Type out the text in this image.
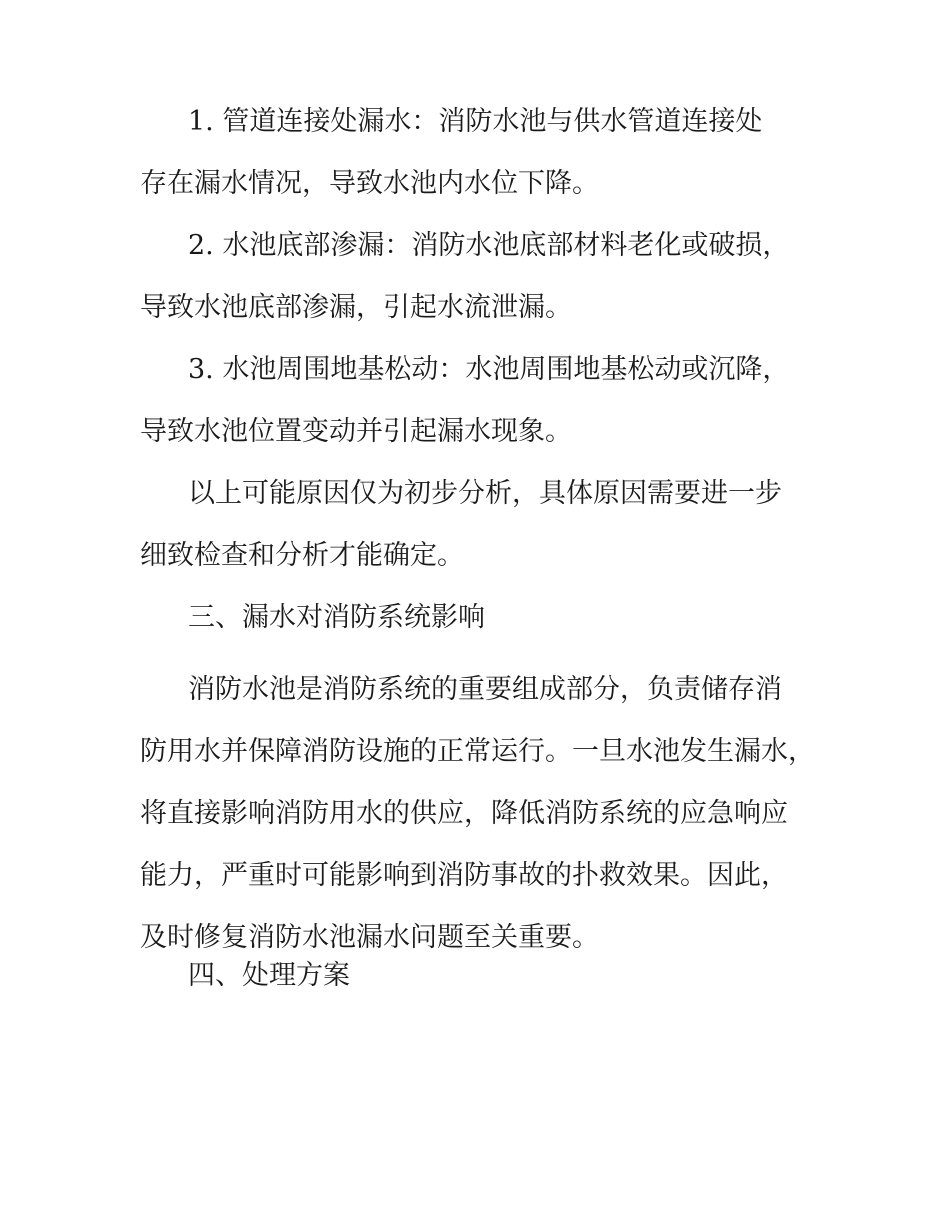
1. 管道连接处漏水：消防水池与供水管道连接处
存在漏水情况，导致水池内水位下降。

2. 水池底部渗漏：消防水池底部材料老化或破损，
导致水池底部渗漏，引起水流泄漏。

3. 水池周围地基松动：水池周围地基松动或沉降，
导致水池位置变动并引起漏水现象。

以上可能原因仅为初步分析，具体原因需要进一步
细致检查和分析才能确定。

三、漏水对消防系统影响

消防水池是消防系统的重要组成部分，负责储存消
防用水并保障消防设施的正常运行。一旦水池发生漏水，
将直接影响消防用水的供应，降低消防系统的应急响应
能力，严重时可能影响到消防事故的扑救效果。因此，
及时修复消防水池漏水问题至关重要。

四、处理方案
